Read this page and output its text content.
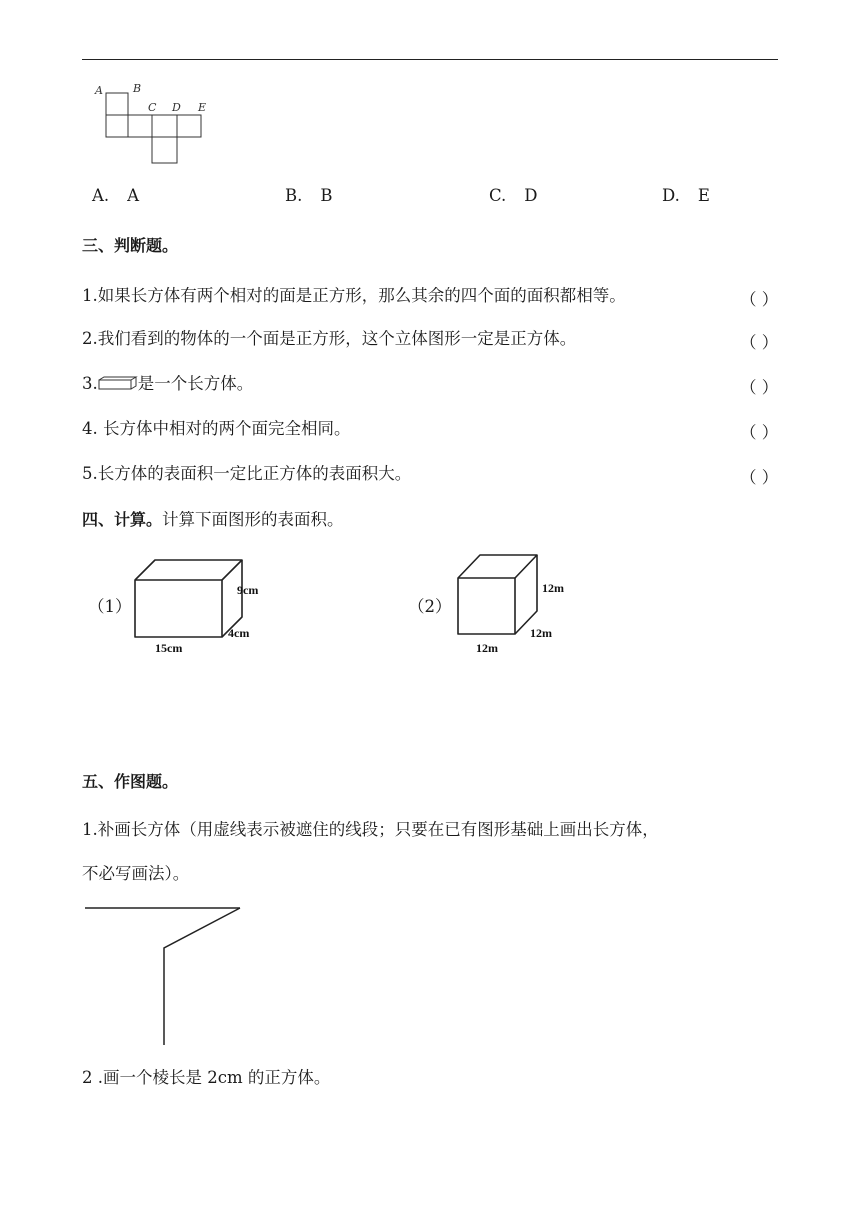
A	B
C D E
A. A	B. B	C. D	D. E
三、判断题。
1.如果长方体有两个相对的面是正方形，那么其余的四个面的面积都相等。	（ ）
2.我们看到的物体的一个面是正方形，这个立体图形一定是正方体。	（ ）
3. 是一个长方体。	（ ）
4. 长方体中相对的两个面完全相同。	（ ）
5.长方体的表面积一定比正方体的表面积大。	（ ）
四、计算。计算下面图形的表面积。
（1）
9cm
4cm
15cm
（2）
12m
12m
12m
五、作图题。
1.补画长方体（用虚线表示被遮住的线段；只要在已有图形基础上画出长方体，
不必写画法）。
2 .画一个棱长是 2cm 的正方体。
